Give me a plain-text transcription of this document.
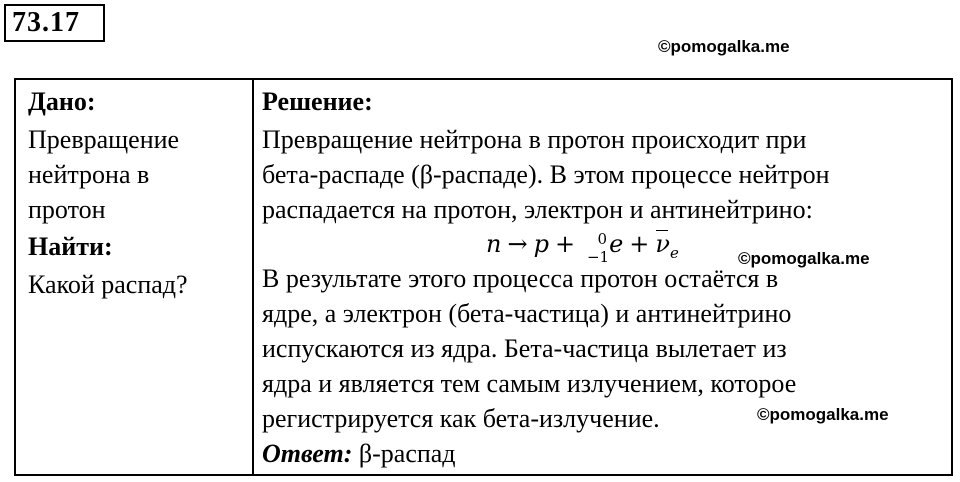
73.17
©pomogalka.me
©pomogalka.me
©pomogalka.me
Дано:
Превращение
нейтрона в
протон
Найти:
Какой распад?
Решение:
Превращение нейтрона в протон происходит при
бета-распаде (β-распаде). В этом процессе нейтрон
распадается на протон, электрон и антинейтрино:
n → p + 0
−1 $e + \nu_e$
В результате этого процесса протон остаётся в
ядре, а электрон (бета-частица) и антинейтрино
испускаются из ядра. Бета-частица вылетает из
ядра и является тем самым излучением, которое
регистрируется как бета-излучение.
Ответ: β-распад
